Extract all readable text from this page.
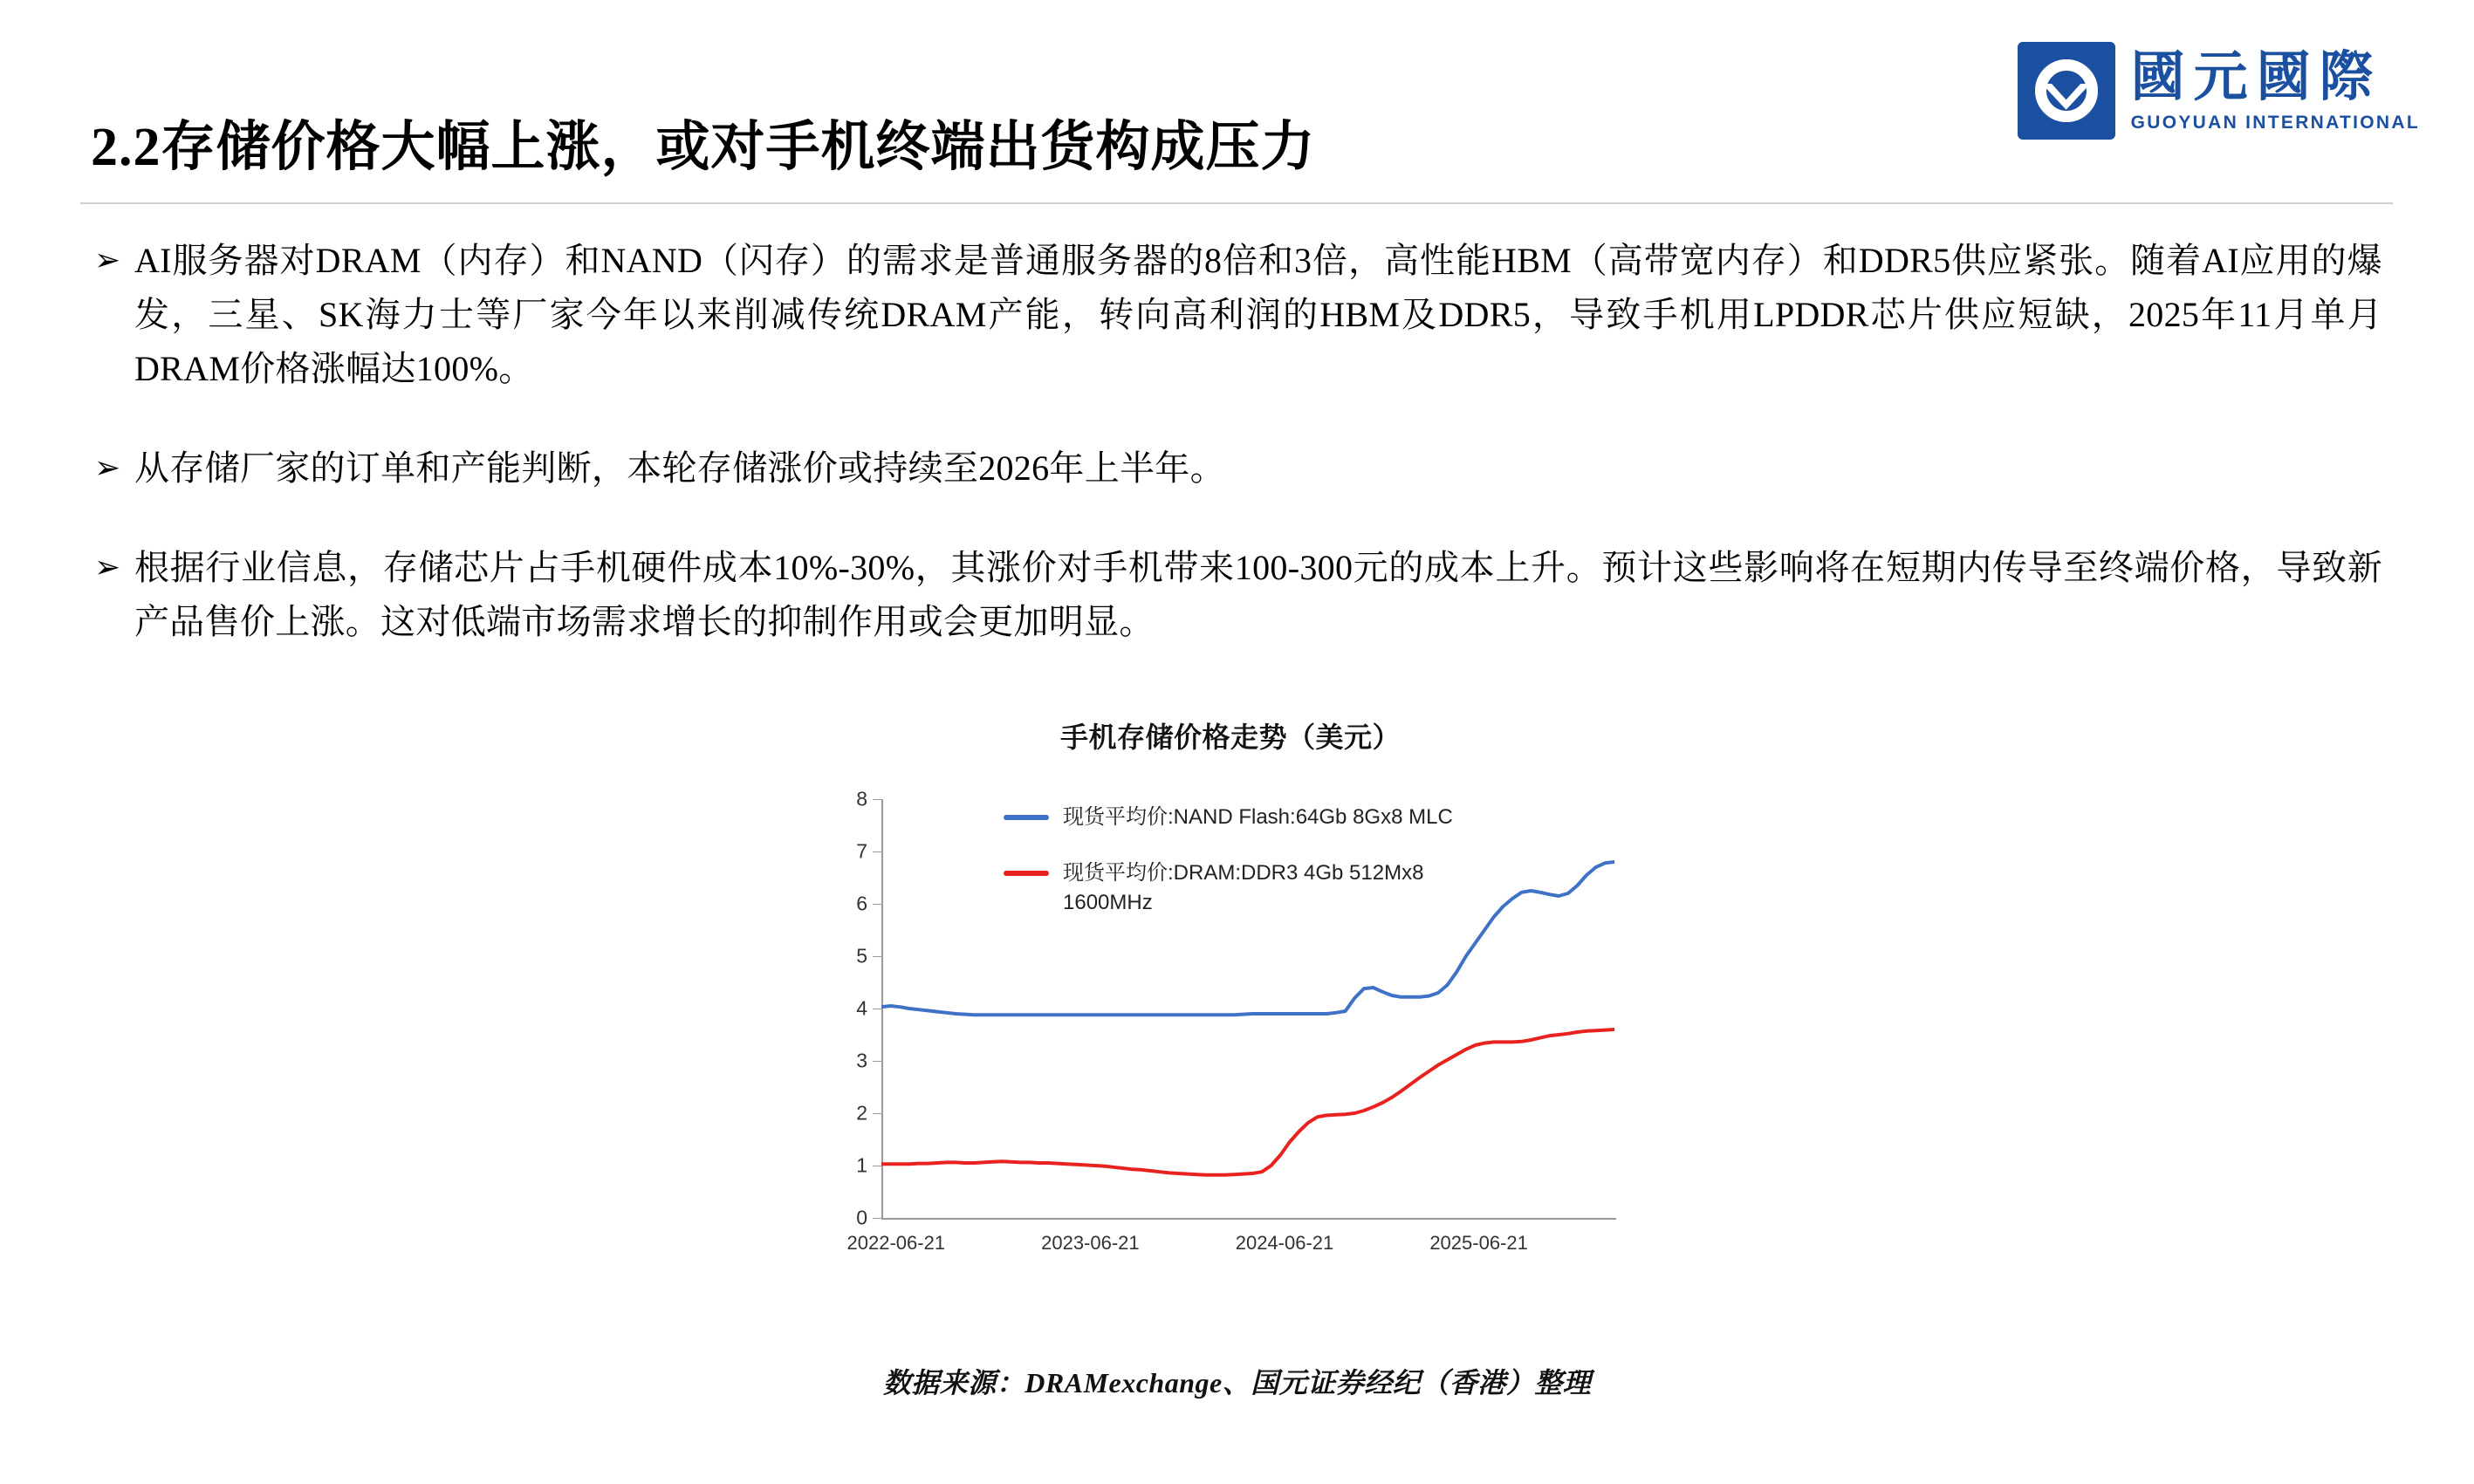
國元國際
GUOYUAN INTERNATIONAL
2.2存储价格大幅上涨，或对手机终端出货构成压力
➢ AI服务器对DRAM（内存）和NAND（闪存）的需求是普通服务器的8倍和3倍，高性能HBM（高带宽内存）和DDR5供应紧张。随着AI应用的爆发，三星、SK海力士等厂家今年以来削减传统DRAM产能，转向高利润的HBM及DDR5，导致手机用LPDDR芯片供应短缺，2025年11月单月DRAM价格涨幅达100%。
➢ 从存储厂家的订单和产能判断，本轮存储涨价或持续至2026年上半年。
➢ 根据行业信息，存储芯片占手机硬件成本10%-30%，其涨价对手机带来100-300元的成本上升。预计这些影响将在短期内传导至终端价格，导致新产品售价上涨。这对低端市场需求增长的抑制作用或会更加明显。
手机存储价格走势（美元）
0
1
2
3
4
5
6
7
8
2022-06-21	2023-06-21	2024-06-21	2025-06-21
现货平均价:NAND Flash:64Gb 8Gx8 MLC
现货平均价:DRAM:DDR3 4Gb 512Mx8 1600MHz
数据来源：DRAMexchange、国元证券经纪（香港）整理
